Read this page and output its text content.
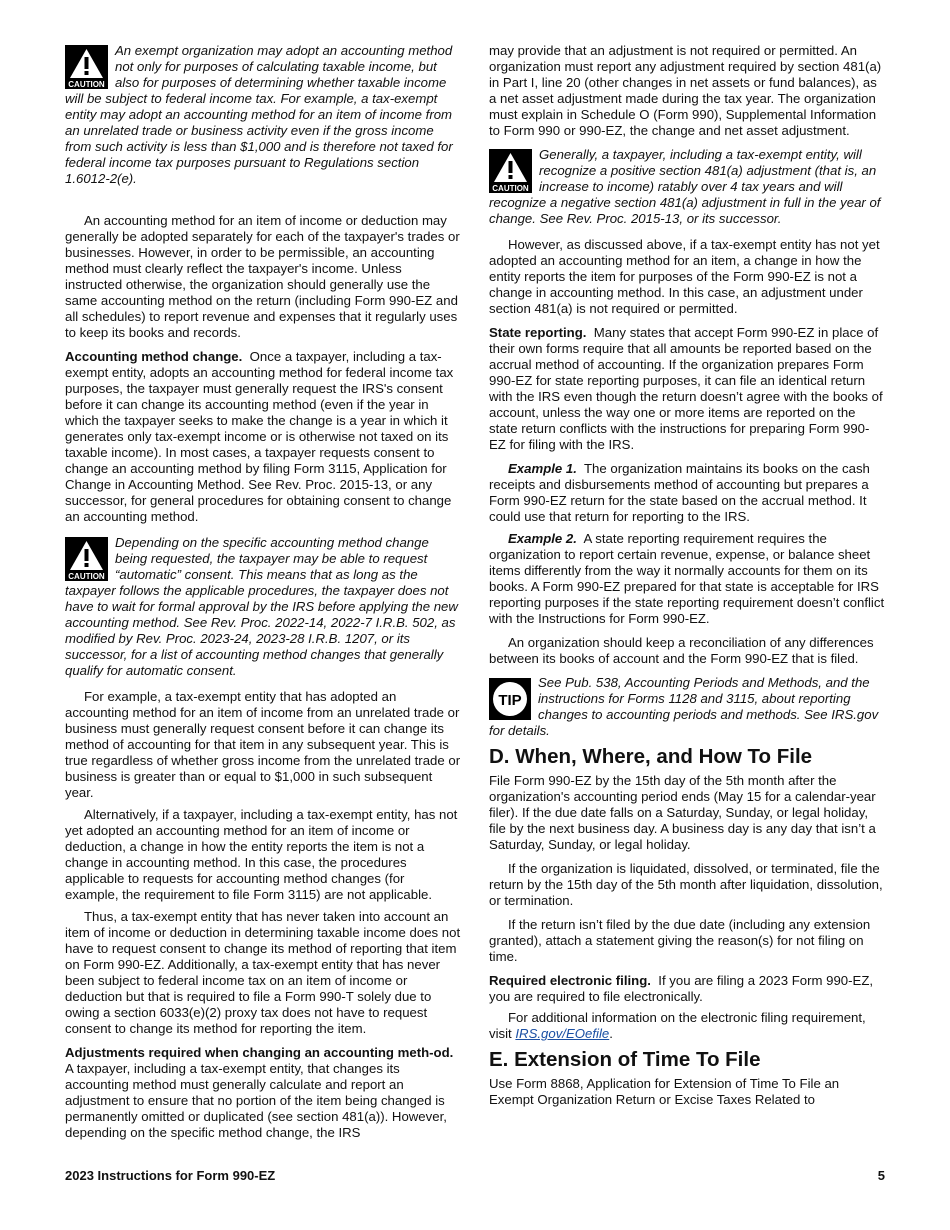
CAUTION

An exempt organization may adopt an accounting method not only for purposes of calculating taxable income, but also for purposes of determining whether taxable income will be subject to federal income tax. For example, a tax-exempt entity may adopt an accounting method for an item of income from an unrelated trade or business activity even if the gross income from such activity is less than $1,000 and is therefore not taxed for federal income tax purposes pursuant to Regulations section 1.6012-2(e).

An accounting method for an item of income or deduction may generally be adopted separately for each of the taxpayer's trades or businesses. However, in order to be permissible, an accounting method must clearly reflect the taxpayer's income. Unless instructed otherwise, the organization should generally use the same accounting method on the return (including Form 990-EZ and all schedules) to report revenue and expenses that it regularly uses to keep its books and records.

Accounting method change. Once a taxpayer, including a tax-exempt entity, adopts an accounting method for federal income tax purposes, the taxpayer must generally request the IRS's consent before it can change its accounting method (even if the year in which the taxpayer seeks to make the change is a year in which it generates only tax-exempt income or is otherwise not taxed on its taxable income). In most cases, a taxpayer requests consent to change an accounting method by filing Form 3115, Application for Change in Accounting Method. See Rev. Proc. 2015-13, or any successor, for general procedures for obtaining consent to change an accounting method.

CAUTION

Depending on the specific accounting method change being requested, the taxpayer may be able to request “automatic” consent. This means that as long as the taxpayer follows the applicable procedures, the taxpayer does not have to wait for formal approval by the IRS before applying the new accounting method. See Rev. Proc. 2022-14, 2022-7 I.R.B. 502, as modified by Rev. Proc. 2023-24, 2023-28 I.R.B. 1207, or its successor, for a list of accounting method changes that generally qualify for automatic consent.

For example, a tax-exempt entity that has adopted an accounting method for an item of income from an unrelated trade or business must generally request consent before it can change its method of accounting for that item in any subsequent year. This is true regardless of whether gross income from the unrelated trade or business is greater than or equal to $1,000 in such subsequent year.

Alternatively, if a taxpayer, including a tax-exempt entity, has not yet adopted an accounting method for an item of income or deduction, a change in how the entity reports the item is not a change in accounting method. In this case, the procedures applicable to requests for accounting method changes (for example, the requirement to file Form 3115) are not applicable.

Thus, a tax-exempt entity that has never taken into account an item of income or deduction in determining taxable income does not have to request consent to change its method of reporting that item on Form 990-EZ. Additionally, a tax-exempt entity that has never been subject to federal income tax on an item of income or deduction but that is required to file a Form 990-T solely due to owing a section 6033(e)(2) proxy tax does not have to request consent to change its method for reporting the item.

Adjustments required when changing an accounting meth-od.  A taxpayer, including a tax-exempt entity, that changes its accounting method must generally calculate and report an adjustment to ensure that no portion of the item being changed is permanently omitted or duplicated (see section 481(a)). However, depending on the specific method change, the IRS

may provide that an adjustment is not required or permitted. An organization must report any adjustment required by section 481(a) in Part I, line 20 (other changes in net assets or fund balances), as a net asset adjustment made during the tax year. The organization must explain in Schedule O (Form 990), Supplemental Information to Form 990 or 990-EZ, the change and net asset adjustment.

CAUTION

Generally, a taxpayer, including a tax-exempt entity, will recognize a positive section 481(a) adjustment (that is, an increase to income) ratably over 4 tax years and will recognize a negative section 481(a) adjustment in full in the year of change. See Rev. Proc. 2015-13, or its successor.

However, as discussed above, if a tax-exempt entity has not yet adopted an accounting method for an item, a change in how the entity reports the item for purposes of the Form 990-EZ is not a change in accounting method. In this case, an adjustment under section 481(a) is not required or permitted.

State reporting. Many states that accept Form 990-EZ in place of their own forms require that all amounts be reported based on the accrual method of accounting. If the organization prepares Form 990-EZ for state reporting purposes, it can file an identical return with the IRS even though the return doesn’t agree with the books of account, unless the way one or more items are reported on the state return conflicts with the instructions for preparing Form 990-EZ for filing with the IRS.

Example 1. The organization maintains its books on the cash receipts and disbursements method of accounting but prepares a Form 990-EZ return for the state based on the accrual method. It could use that return for reporting to the IRS.

Example 2. A state reporting requirement requires the organization to report certain revenue, expense, or balance sheet items differently from the way it normally accounts for them on its books. A Form 990-EZ prepared for that state is acceptable for IRS reporting purposes if the state reporting requirement doesn’t conflict with the Instructions for Form 990-EZ.

An organization should keep a reconciliation of any differences between its books of account and the Form 990-EZ that is filed.

TIP

See Pub. 538, Accounting Periods and Methods, and the instructions for Forms 1128 and 3115, about reporting changes to accounting periods and methods. See IRS.gov for details.

D. When, Where, and How To File

File Form 990-EZ by the 15th day of the 5th month after the organization's accounting period ends (May 15 for a calendar-year filer). If the due date falls on a Saturday, Sunday, or legal holiday, file by the next business day. A business day is any day that isn’t a Saturday, Sunday, or legal holiday.

If the organization is liquidated, dissolved, or terminated, file the return by the 15th day of the 5th month after liquidation, dissolution, or termination.

If the return isn’t filed by the due date (including any extension granted), attach a statement giving the reason(s) for not filing on time.

Required electronic filing. If you are filing a 2023 Form 990-EZ, you are required to file electronically.

For additional information on the electronic filing requirement, visit IRS.gov/EOefile.

E. Extension of Time To File

Use Form 8868, Application for Extension of Time To File an Exempt Organization Return or Excise Taxes Related to

2023 Instructions for Form 990-EZ	5
